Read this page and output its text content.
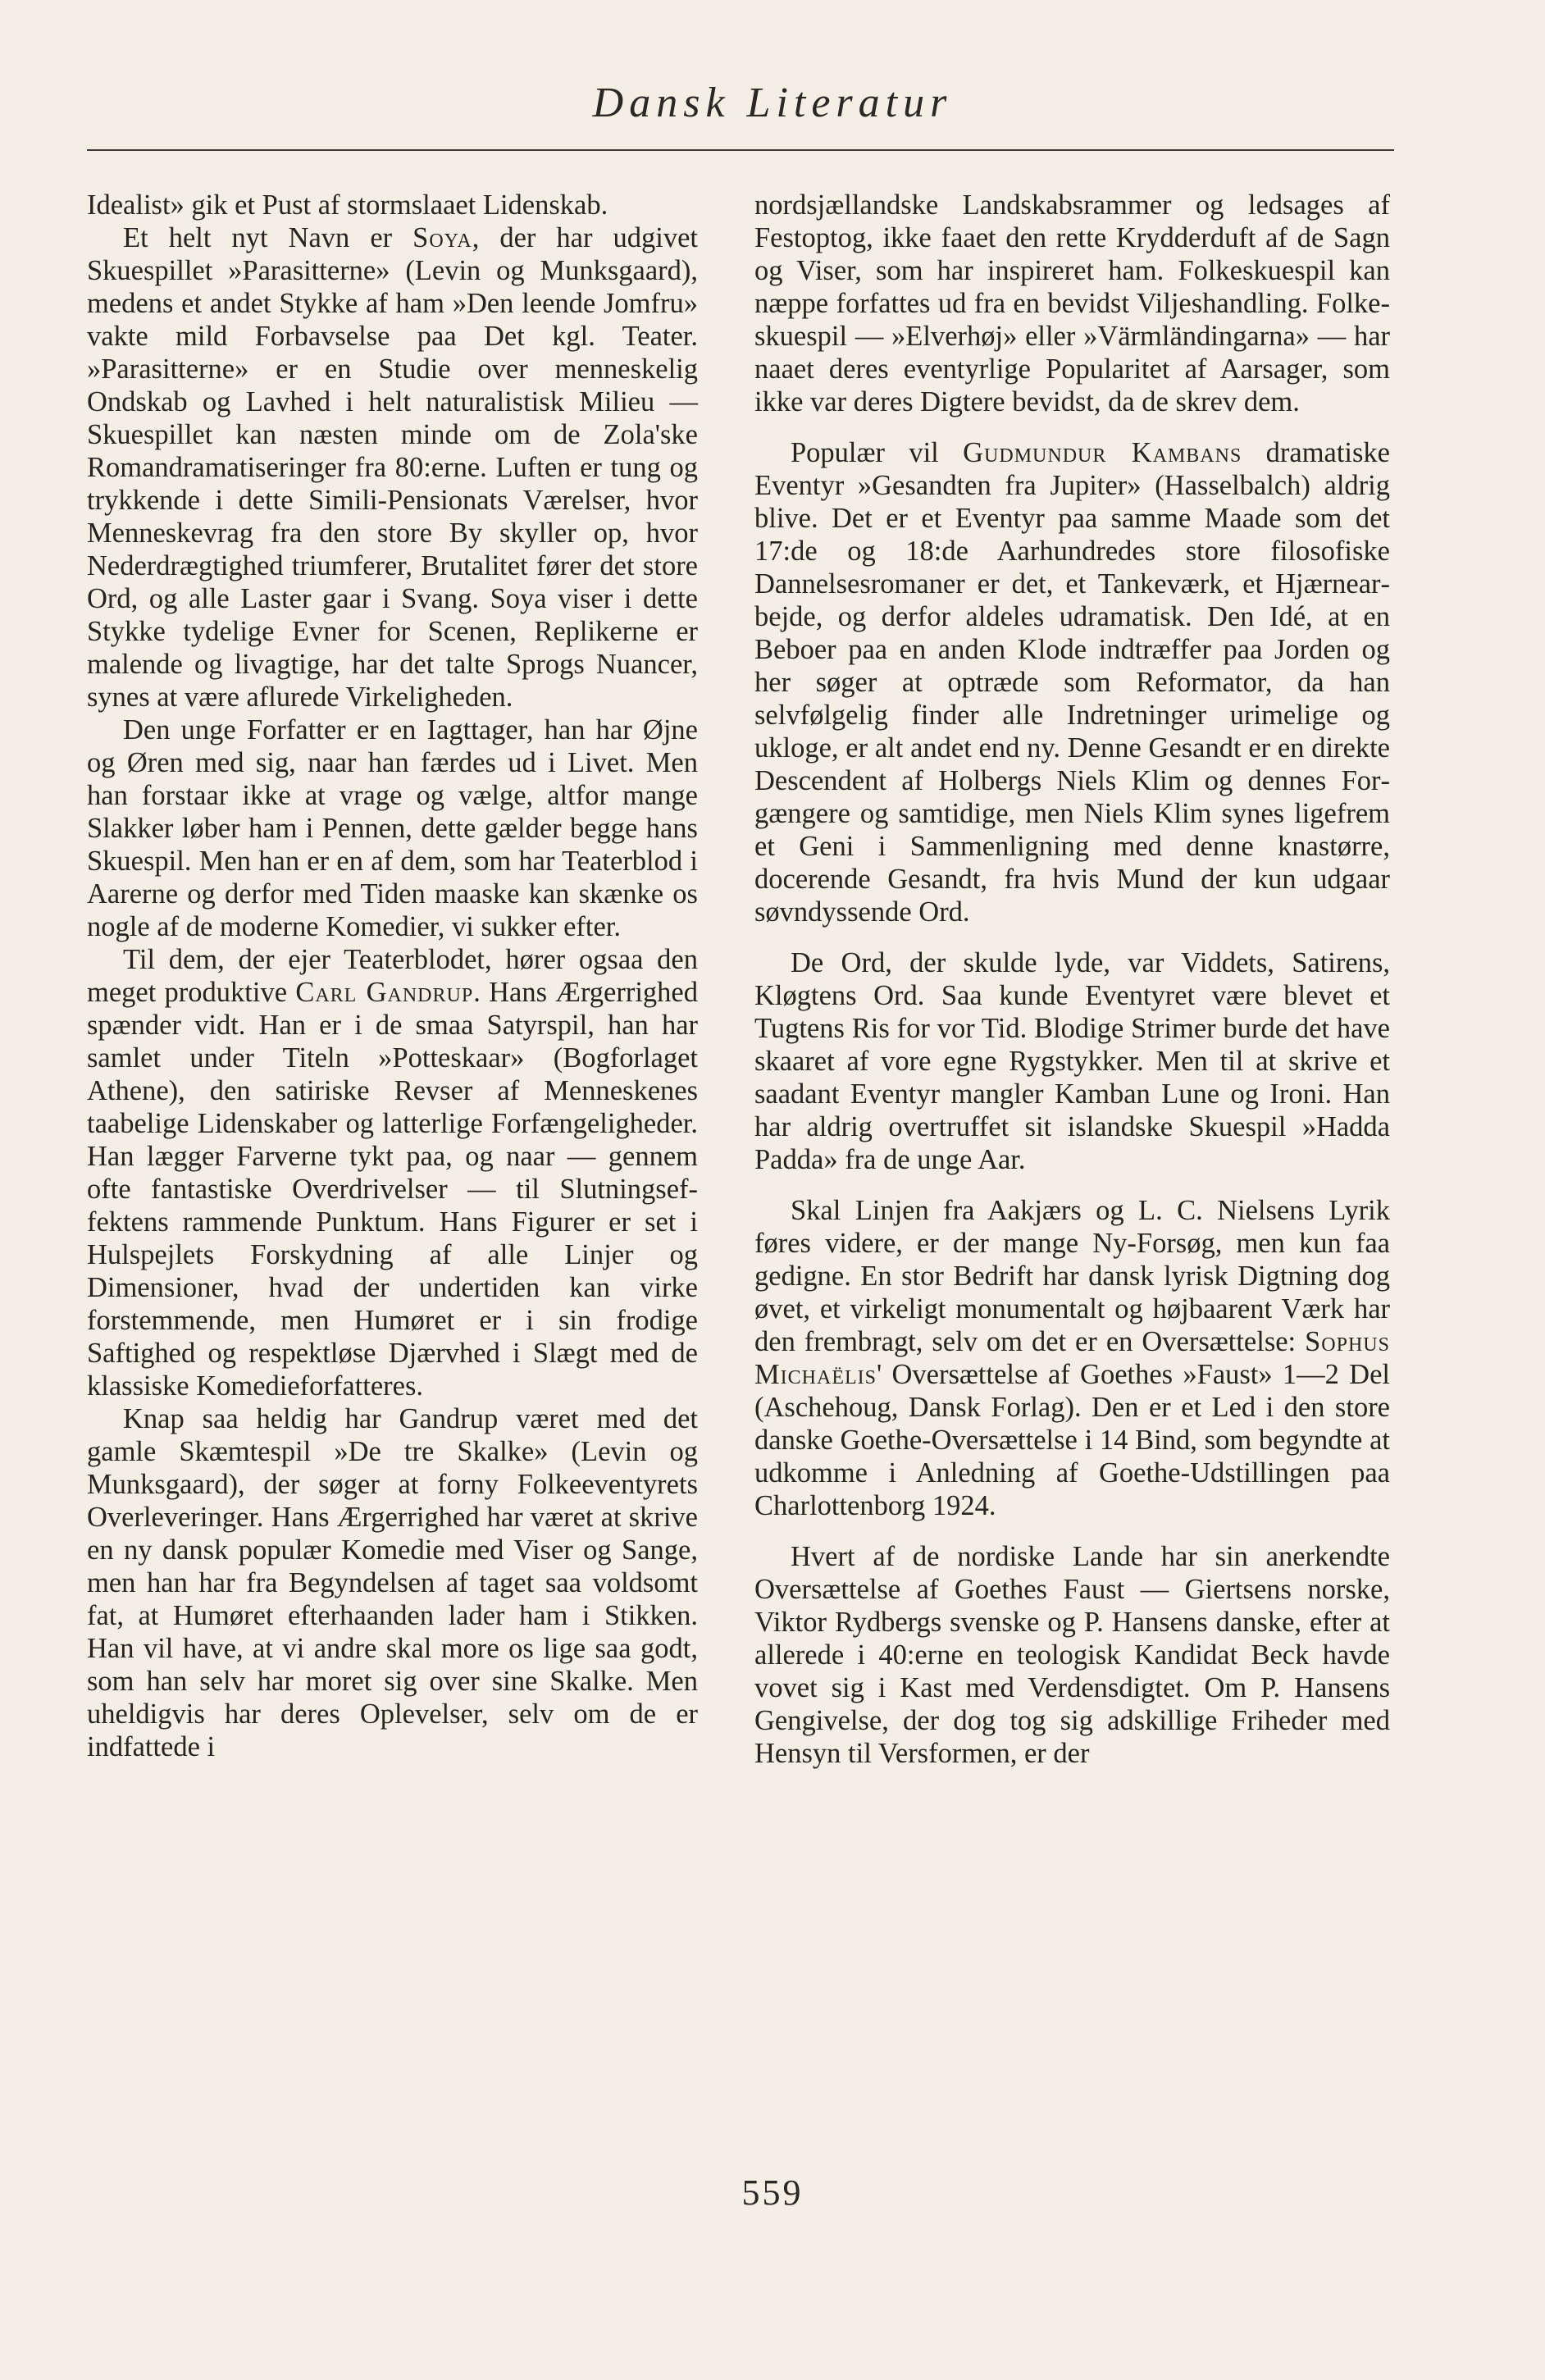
Dansk Literatur

Idealist» gik et Pust af stormslaaet Lidenskab.

Et helt nyt Navn er Soya, der har udgivet Skuespillet »Parasitterne» (Levin og Munksgaard), medens et andet Stykke af ham »Den leende Jomfru» vakte mild Forbavselse paa Det kgl. Teater. »Parasitterne» er en Studie over menneskelig Ondskab og Lavhed i helt naturalistisk Milieu — Skuespillet kan næsten minde om de Zola'ske Romandramatiseringer fra 80:erne. Luften er tung og trykkende i dette Simili-Pensionats Værelser, hvor Menneskevrag fra den store By skyller op, hvor Nederdrægtighed triumferer, Brutalitet fører det store Ord, og alle Laster gaar i Svang. Soya viser i dette Stykke tydelige Evner for Scenen, Replikerne er malende og livagtige, har det talte Sprogs Nuancer, synes at være aflurede Virkeligheden.

Den unge Forfatter er en Iagttager, han har Øjne og Øren med sig, naar han færdes ud i Livet. Men han forstaar ikke at vrage og vælge, altfor mange Slakker løber ham i Pennen, dette gælder begge hans Skuespil. Men han er en af dem, som har Teaterblod i Aarerne og derfor med Tiden maaske kan skænke os nogle af de moderne Komedier, vi sukker efter.

Til dem, der ejer Teaterblodet, hører ogsaa den meget produktive Carl Gandrup. Hans Ærgerrighed spænder vidt. Han er i de smaa Satyrspil, han har samlet under Titeln »Potteskaar» (Bogforlaget Athene), den satiriske Revser af Menneskenes taabelige Lidenskaber og latterlige Forfængeligheder. Han lægger Farverne tykt paa, og naar — gennem ofte fantastiske Overdrivelser — til Slutningseffektens rammende Punktum. Hans Figurer er set i Hulspejlets Forskydning af alle Linjer og Dimensioner, hvad der undertiden kan virke forstemmende, men Humøret er i sin frodige Saftighed og respektløse Djærvhed i Slægt med de klassiske Komedieforfatteres.

Knap saa heldig har Gandrup været med det gamle Skæmtespil »De tre Skalke» (Levin og Munksgaard), der søger at forny Folkeeventyrets Overleveringer. Hans Ærgerrighed har været at skrive en ny dansk populær Komedie med Viser og Sange, men han har fra Begyndelsen af taget saa voldsomt fat, at Humøret efterhaanden lader ham i Stikken. Han vil have, at vi andre skal more os lige saa godt, som han selv har moret sig over sine Skalke. Men uheldigvis har deres Oplevelser, selv om de er indfattede i

nordsjællandske Landskabsrammer og ledsages af Festoptog, ikke faaet den rette Krydderduft af de Sagn og Viser, som har inspireret ham. Folkeskuespil kan næppe forfattes ud fra en bevidst Viljeshandling. Folkeskuespil — »Elverhøj» eller »Värmländingarna» — har naaet deres eventyrlige Popularitet af Aarsager, som ikke var deres Digtere bevidst, da de skrev dem.

Populær vil Gudmundur Kambans dramatiske Eventyr »Gesandten fra Jupiter» (Hasselbalch) aldrig blive. Det er et Eventyr paa samme Maade som det 17:de og 18:de Aarhundredes store filosofiske Dannelsesromaner er det, et Tankeværk, et Hjærnearbejde, og derfor aldeles udramatisk. Den Idé, at en Beboer paa en anden Klode indtræffer paa Jorden og her søger at optræde som Reformator, da han selvfølgelig finder alle Indretninger urimelige og ukloge, er alt andet end ny. Denne Gesandt er en direkte Descendent af Holbergs Niels Klim og dennes Forgængere og samtidige, men Niels Klim synes ligefrem et Geni i Sammenligning med denne knastørre, docerende Gesandt, fra hvis Mund der kun udgaar søvndyssende Ord.

De Ord, der skulde lyde, var Viddets, Satirens, Kløgtens Ord. Saa kunde Eventyret være blevet et Tugtens Ris for vor Tid. Blodige Strimer burde det have skaaret af vore egne Rygstykker. Men til at skrive et saadant Eventyr mangler Kamban Lune og Ironi. Han har aldrig overtruffet sit islandske Skuespil »Hadda Padda» fra de unge Aar.

Skal Linjen fra Aakjærs og L. C. Nielsens Lyrik føres videre, er der mange Ny-Forsøg, men kun faa gedigne. En stor Bedrift har dansk lyrisk Digtning dog øvet, et virkeligt monumentalt og højbaarent Værk har den frembragt, selv om det er en Oversættelse: Sophus Michaëlis' Oversættelse af Goethes »Faust» 1—2 Del (Aschehoug, Dansk Forlag). Den er et Led i den store danske Goethe-Oversættelse i 14 Bind, som begyndte at udkomme i Anledning af Goethe-Udstillingen paa Charlottenborg 1924.

Hvert af de nordiske Lande har sin anerkendte Oversættelse af Goethes Faust — Giertsens norske, Viktor Rydbergs svenske og P. Hansens danske, efter at allerede i 40:erne en teologisk Kandidat Beck havde vovet sig i Kast med Verdensdigtet. Om P. Hansens Gengivelse, der dog tog sig adskillige Friheder med Hensyn til Versformen, er der

559
